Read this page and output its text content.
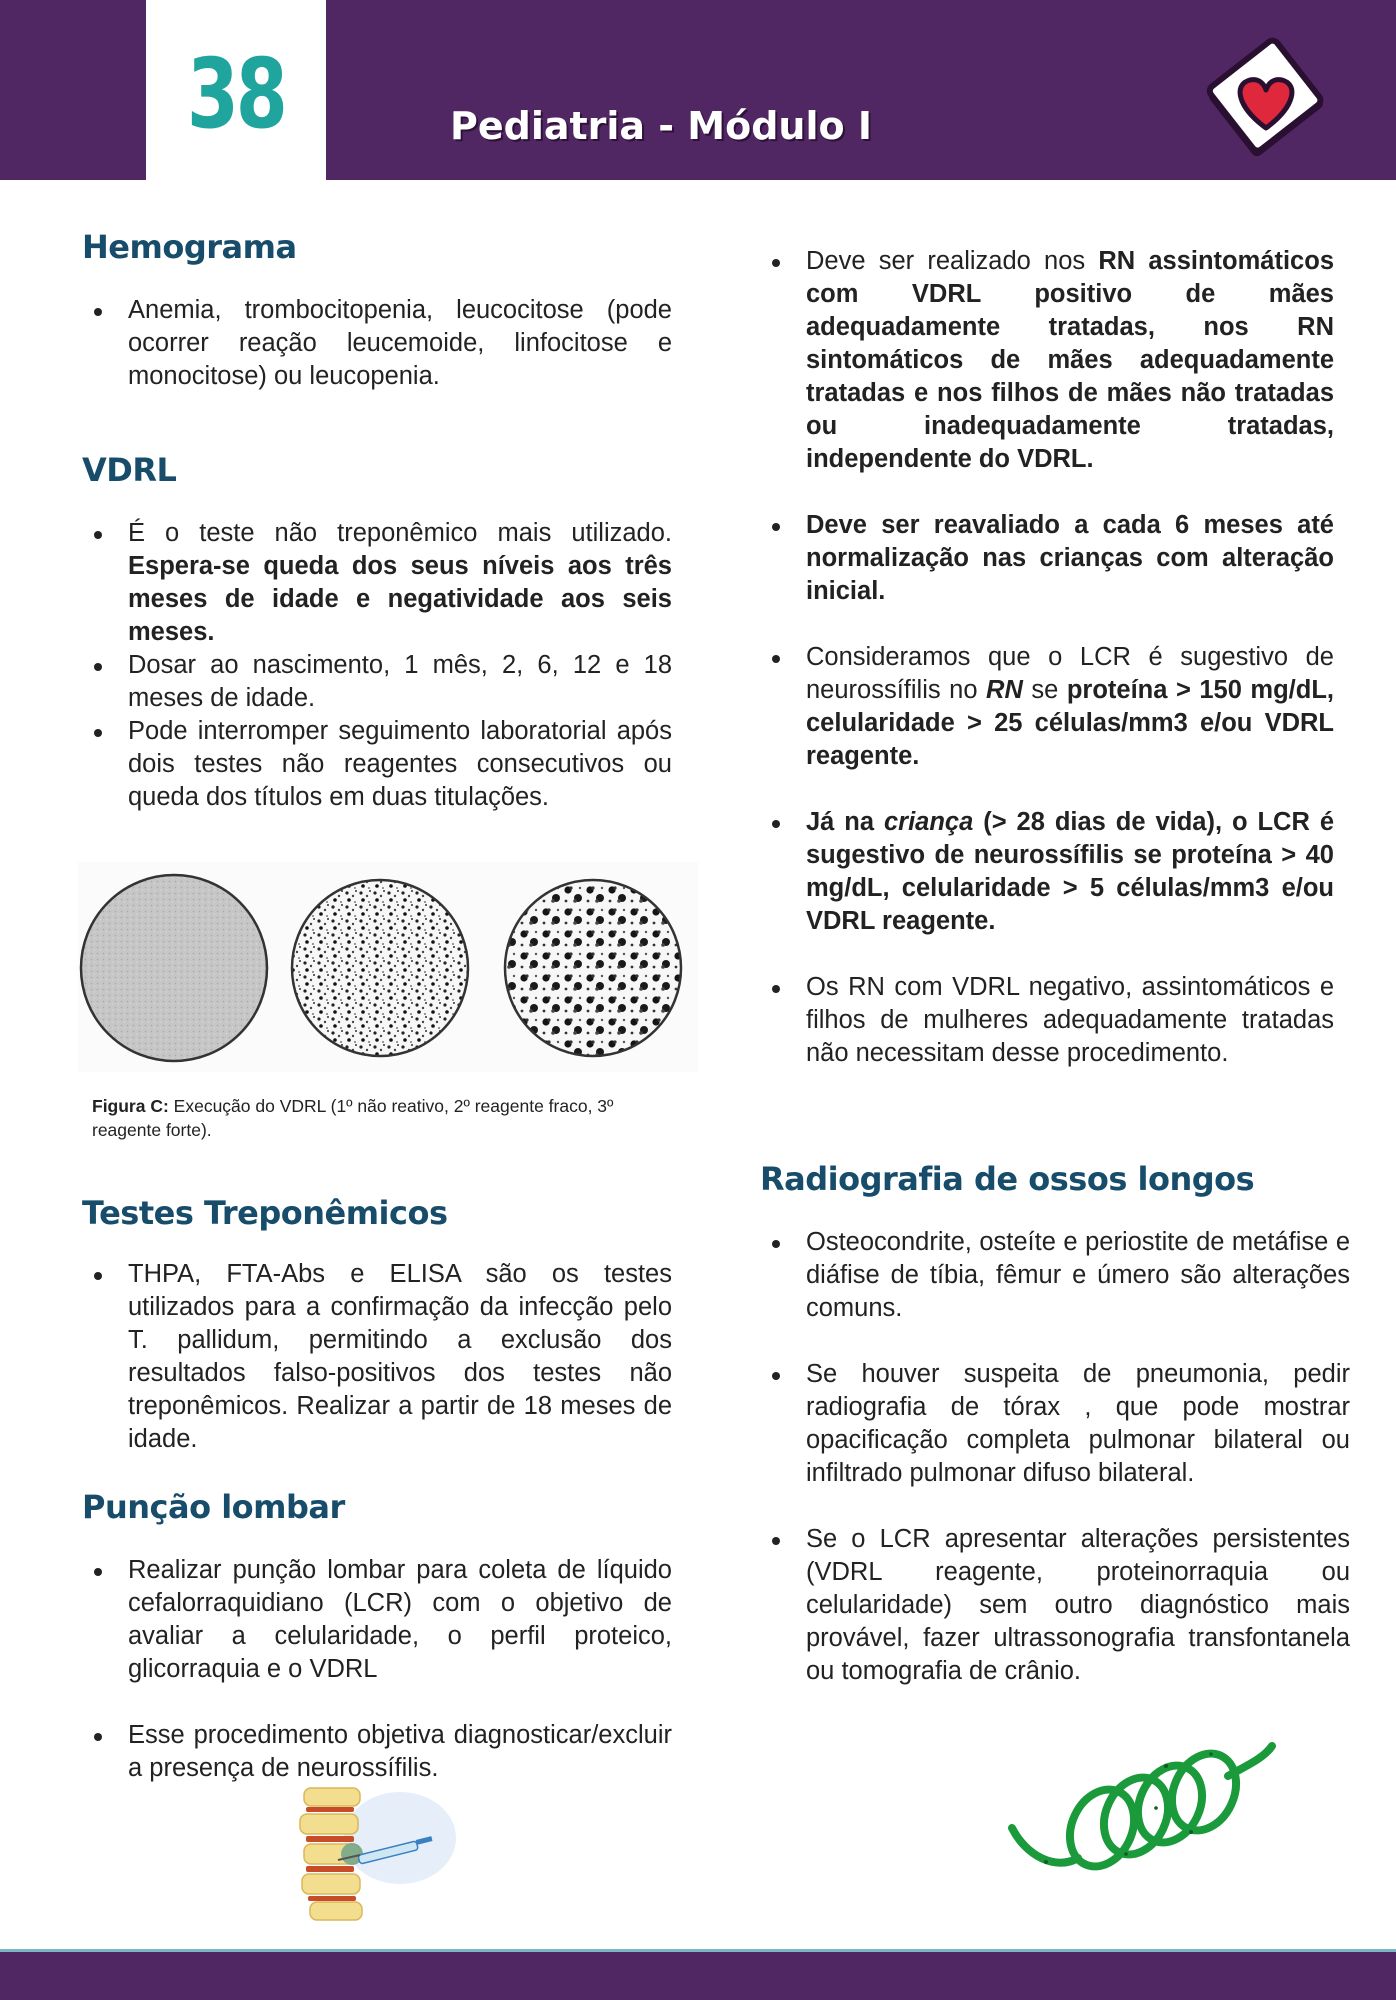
38	Pediatria - Módulo I
Hemograma
Anemia, trombocitopenia, leucocitose (pode ocorrer reação leucemoide, linfocitose e monocitose) ou leucopenia.
VDRL
É o teste não treponêmico mais utilizado. Espera-se queda dos seus níveis aos três meses de idade e negatividade aos seis meses.
Dosar ao nascimento, 1 mês, 2, 6, 12 e 18 meses de idade.
Pode interromper seguimento laboratorial após dois testes não reagentes consecutivos ou queda dos títulos em duas titulações.
Figura C: Execução do VDRL (1º não reativo, 2º reagente fraco, 3º reagente forte).
Testes Treponêmicos
THPA, FTA-Abs e ELISA são os testes utilizados para a confirmação da infecção pelo T. pallidum, permitindo a exclusão dos resultados falso-positivos dos testes não treponêmicos. Realizar a partir de 18 meses de idade.
Punção lombar
Realizar punção lombar para coleta de líquido cefalorraquidiano (LCR) com o objetivo de avaliar a celularidade, o perfil proteico, glicorraquia e o VDRL
Esse procedimento objetiva diagnosticar/excluir a presença de neurossífilis.
Deve ser realizado nos RN assintomáticos com VDRL positivo de mães adequadamente tratadas, nos RN sintomáticos de mães adequadamente tratadas e nos filhos de mães não tratadas ou inadequadamente tratadas, independente do VDRL.
Deve ser reavaliado a cada 6 meses até normalização nas crianças com alteração inicial.
Consideramos que o LCR é sugestivo de neurossífilis no RN se proteína > 150 mg/dL, celularidade > 25 células/mm3 e/ou VDRL reagente.
Já na criança (> 28 dias de vida), o LCR é sugestivo de neurossífilis se proteína > 40 mg/dL, celularidade > 5 células/mm3 e/ou VDRL reagente.
Os RN com VDRL negativo, assintomáticos e filhos de mulheres adequadamente tratadas não necessitam desse procedimento.
Radiografia de ossos longos
Osteocondrite, osteíte e periostite de metáfise e diáfise de tíbia, fêmur e úmero são alterações comuns.
Se houver suspeita de pneumonia, pedir radiografia de tórax , que pode mostrar opacificação completa pulmonar bilateral ou infiltrado pulmonar difuso bilateral.
Se o LCR apresentar alterações persistentes (VDRL reagente, proteinorraquia ou celularidade) sem outro diagnóstico mais provável, fazer ultrassonografia transfontanela ou tomografia de crânio.
